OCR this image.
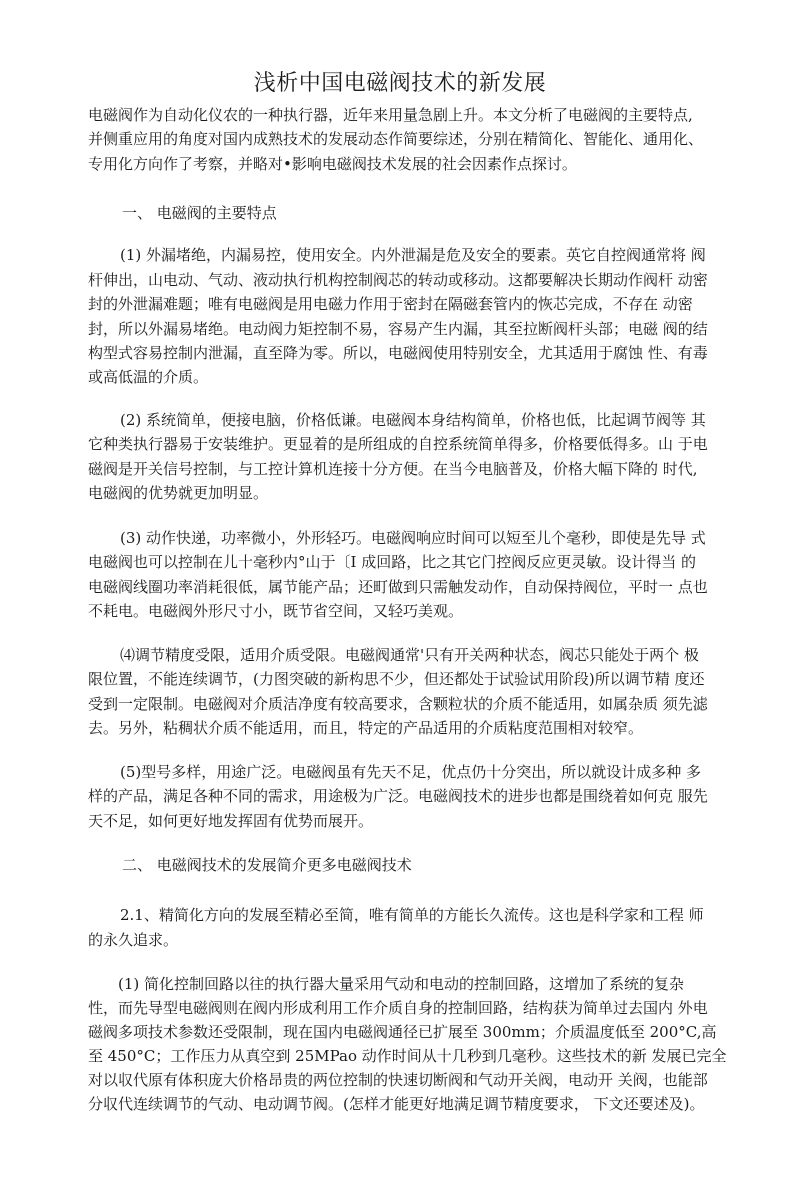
浅析中国电磁阀技术的新发展
电磁阀作为自动化仪农的一种执行器，近年来用量急剧上升。本文分析了电磁阀的主要特点,
并侧重应用的角度对国内成熟技术的发展动态作简要综述，分别在精简化、智能化、通用化、
专用化方向作了考察，并略对•影响电磁阀技术发展的社会因素作点探讨。
一、 电磁阀的主要特点
(1) 外漏堵绝，内漏易控，使用安全。内外泄漏是危及安全的要素。英它自控阀通常将 阀
杆伸出，山电动、气动、液动执行机构控制阀芯的转动或移动。这都要解决长期动作阀杆 动密
封的外泄漏难题；唯有电磁阀是用电磁力作用于密封在隔磁套管内的恢芯完成，不存在 动密
封，所以外漏易堵绝。电动阀力矩控制不易，容易产生内漏，其至拉断阀杆头部；电磁 阀的结
构型式容易控制内泄漏，直至降为零。所以，电磁阀使用特别安全，尤其适用于腐蚀 性、有毒
或高低温的介质。
(2) 系统简单，便接电脑，价格低谦。电磁阀本身结构简单，价格也低，比起调节阀等 其
它种类执行器易于安装维护。更显着的是所组成的自控系统简单得多，价格要低得多。山 于电
磁阀是开关信号控制，与工控计算机连接十分方便。在当今电脑普及，价格大幅下降的 时代,
电磁阀的优势就更加明显。
(3) 动作快递，功率微小，外形轻巧。电磁阀响应时间可以短至儿个毫秒，即使是先导 式
电磁阀也可以控制在儿十毫秒内°山于〔I 成回路，比之其它门控阀反应更灵敏。设计得当 的
电磁阀线圈功率消耗很低，属节能产品；还町做到只需触发动作，自动保持阀位，平时一 点也
不耗电。电磁阀外形尺寸小，既节省空间，又轻巧美观。
⑷调节精度受限，适用介质受限。电磁阀通常'只有开关两种状态，阀芯只能处于两个 极
限位置，不能连续调节，(力图突破的新构思不少，但还都处于试验试用阶段)所以调节精 度还
受到一定限制。电磁阀对介质洁净度有较高要求，含颗粒状的介质不能适用，如属杂质 须先滤
去。另外，粘稠状介质不能适用，而且，特定的产品适用的介质粘度范围相对较窄。
(5)型号多样，用途广泛。电磁阀虽有先天不足，优点仍十分突出，所以就设计成多种 多
样的产品，满足各种不同的需求，用途极为广泛。电磁阀技术的进步也都是围绕着如何克 服先
天不足，如何更好地发挥固有优势而展开。
二、 电磁阀技术的发展简介更多电磁阀技术
2.1、精简化方向的发展至精必至简，唯有简单的方能长久流传。这也是科学家和工程 师
的永久追求。
(1) 简化控制回路以往的执行器大量采用气动和电动的控制回路，这增加了系统的复杂
性，而先导型电磁阀则在阀内形成利用工作介质自身的控制回路，结构获为简单过去国内 外电
磁阀多项技术参数还受限制，现在国内电磁阀通径已扩展至 300mm；介质温度低至 200°C,高
至 450°C；工作压力从真空到 25MPao 动作时间从十几秒到几毫秒。这些技术的新 发展已完全
对以収代原有体积庞大价格昂贵的两位控制的快速切断阀和气动开关阀，电动开 关阀，也能部
分収代连续调节的气动、电动调节阀。(怎样才能更好地满足调节精度要求， 下文还要述及)。
